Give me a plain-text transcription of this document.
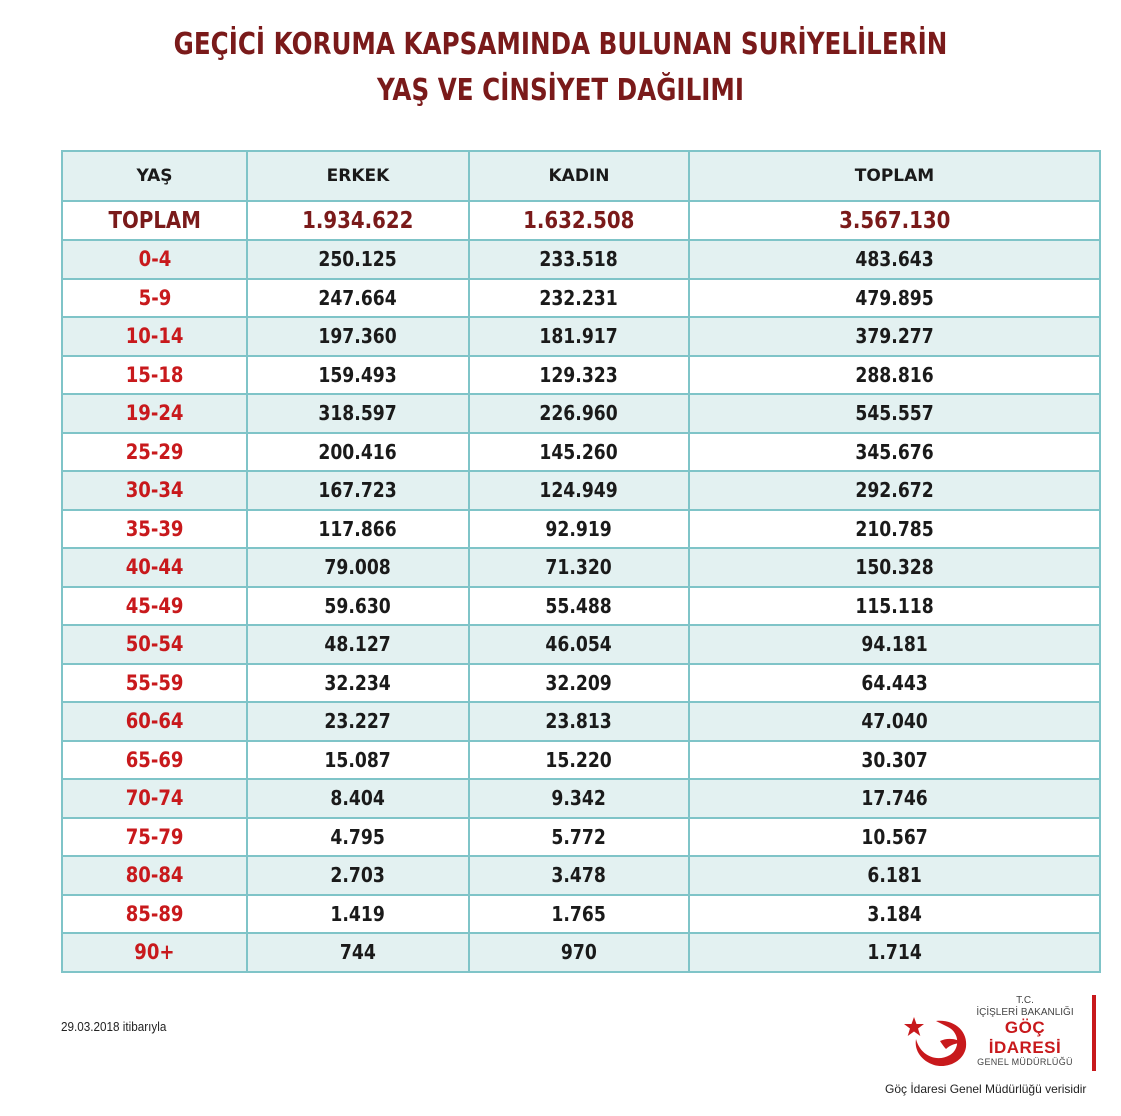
GEÇİCİ KORUMA KAPSAMINDA BULUNAN SURİYELİLERİN
YAŞ VE CİNSİYET DAĞILIMI
YAŞ	ERKEK	KADIN	TOPLAM
TOPLAM	1.934.622	1.632.508	3.567.130
0-4	250.125	233.518	483.643
5-9	247.664	232.231	479.895
10-14	197.360	181.917	379.277
15-18	159.493	129.323	288.816
19-24	318.597	226.960	545.557
25-29	200.416	145.260	345.676
30-34	167.723	124.949	292.672
35-39	117.866	92.919	210.785
40-44	79.008	71.320	150.328
45-49	59.630	55.488	115.118
50-54	48.127	46.054	94.181
55-59	32.234	32.209	64.443
60-64	23.227	23.813	47.040
65-69	15.087	15.220	30.307
70-74	8.404	9.342	17.746
75-79	4.795	5.772	10.567
80-84	2.703	3.478	6.181
85-89	1.419	1.765	3.184
90+	744	970	1.714
29.03.2018 itibarıyla
T.C.
İÇİŞLERİ BAKANLIĞI
GÖÇ İDARESİ
GENEL MÜDÜRLÜĞÜ
Göç İdaresi Genel Müdürlüğü verisidir
